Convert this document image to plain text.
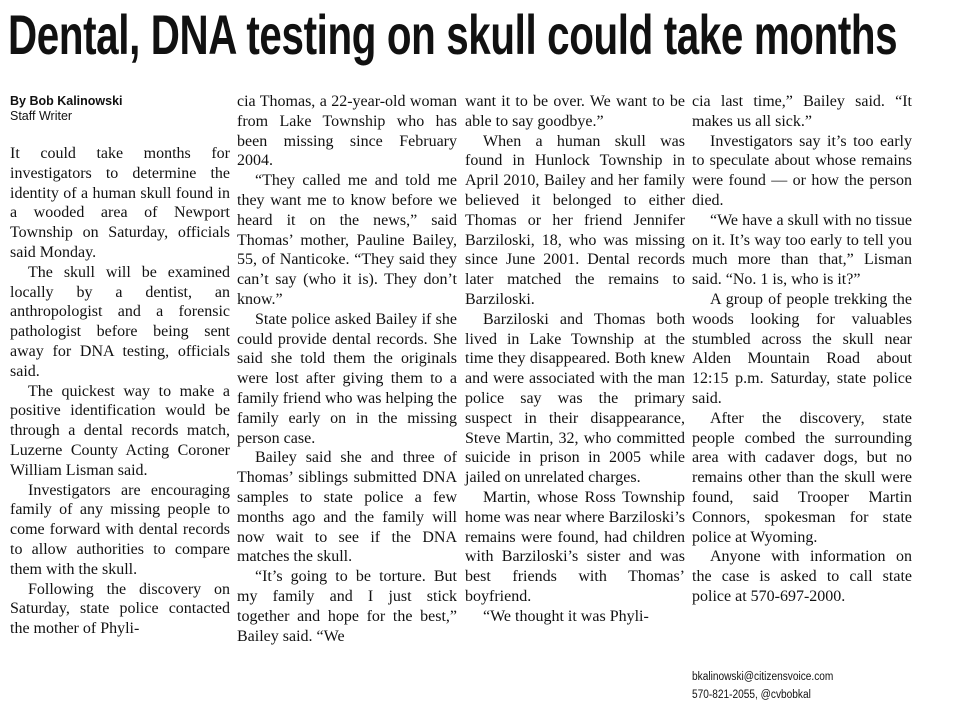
Dental, DNA testing on skull could take months
By Bob Kalinowski
Staff Writer

It could take months for investigators to determine the identity of a human skull found in a wooded area of Newport Township on Saturday, officials said Monday.

The skull will be examined locally by a dentist, an anthropologist and a forensic pathologist before being sent away for DNA testing, officials said.

The quickest way to make a positive identification would be through a dental records match, Luzerne County Acting Coroner William Lisman said.

Investigators are encouraging family of any missing people to come forward with dental records to allow authorities to compare them with the skull.

Following the discovery on Saturday, state police contacted the mother of Phyli-

cia Thomas, a 22-year-old woman from Lake Township who has been missing since February 2004.

“They called me and told me they want me to know before we heard it on the news,” said Thomas’ mother, Pauline Bailey, 55, of Nanticoke. “They said they can’t say (who it is). They don’t know.”

State police asked Bailey if she could provide dental records. She said she told them the originals were lost after giving them to a family friend who was helping the family early on in the missing person case.

Bailey said she and three of Thomas’ siblings submitted DNA samples to state police a few months ago and the family will now wait to see if the DNA matches the skull.

“It’s going to be torture. But my family and I just stick together and hope for the best,” Bailey said. “We

want it to be over. We want to be able to say goodbye.”

When a human skull was found in Hunlock Township in April 2010, Bailey and her family believed it belonged to either Thomas or her friend Jennifer Barziloski, 18, who was missing since June 2001. Dental records later matched the remains to Barziloski.

Barziloski and Thomas both lived in Lake Township at the time they disappeared. Both knew and were associated with the man police say was the primary suspect in their disappearance, Steve Martin, 32, who committed suicide in prison in 2005 while jailed on unrelated charges.

Martin, whose Ross Township home was near where Barziloski’s remains were found, had children with Barziloski’s sister and was best friends with Thomas’ boyfriend.

“We thought it was Phyli-

cia last time,” Bailey said. “It makes us all sick.”

Investigators say it’s too early to speculate about whose remains were found — or how the person died.

“We have a skull with no tissue on it. It’s way too early to tell you much more than that,” Lisman said. “No. 1 is, who is it?”

A group of people trekking the woods looking for valuables stumbled across the skull near Alden Mountain Road about 12:15 p.m. Saturday, state police said.

After the discovery, state people combed the surrounding area with cadaver dogs, but no remains other than the skull were found, said Trooper Martin Connors, spokesman for state police at Wyoming.

Anyone with information on the case is asked to call state police at 570-697-2000.

bkalinowski@citizensvoice.com
570-821-2055, @cvbobkal
